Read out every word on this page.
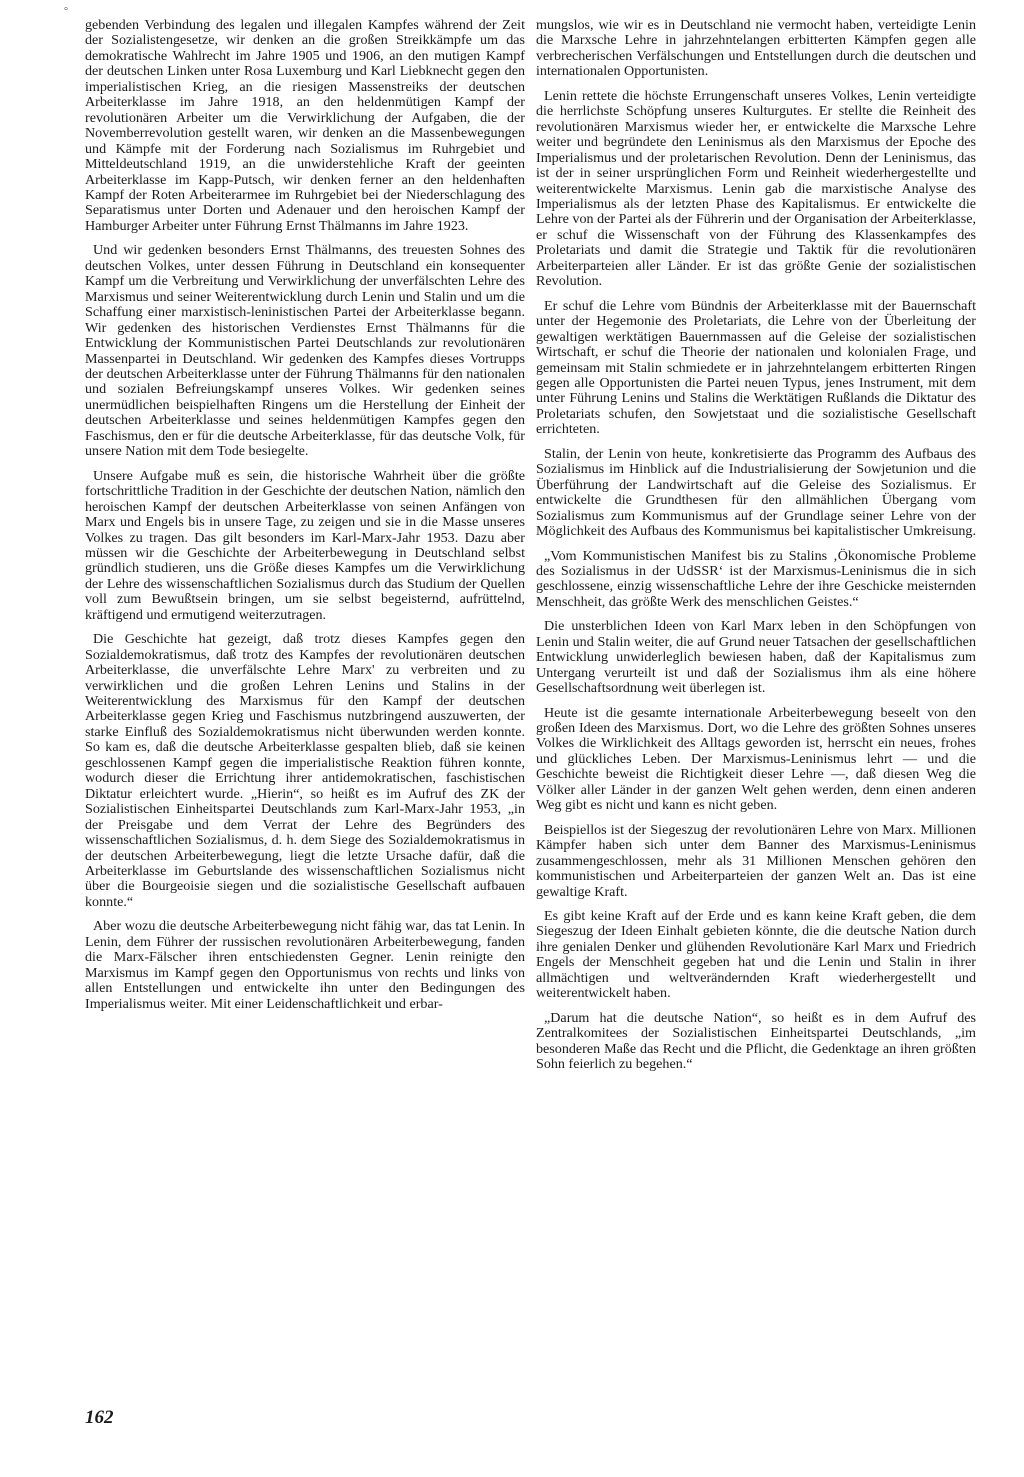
°

gebenden Verbindung des legalen und illegalen Kampfes während der Zeit der Sozialistengesetze, wir denken an die großen Streikkämpfe um das demokratische Wahlrecht im Jahre 1905 und 1906, an den mutigen Kampf der deutschen Linken unter Rosa Luxemburg und Karl Liebknecht gegen den imperialistischen Krieg, an die riesigen Massenstreiks der deutschen Arbeiterklasse im Jahre 1918, an den heldenmütigen Kampf der revolutionären Arbeiter um die Verwirklichung der Aufgaben, die der Novemberrevolution gestellt waren, wir denken an die Massenbewegungen und Kämpfe mit der Forderung nach Sozialismus im Ruhrgebiet und Mitteldeutschland 1919, an die unwiderstehliche Kraft der geeinten Arbeiterklasse im Kapp-Putsch, wir denken ferner an den heldenhaften Kampf der Roten Arbeiterarmee im Ruhrgebiet bei der Niederschlagung des Separatismus unter Dorten und Adenauer und den heroischen Kampf der Hamburger Arbeiter unter Führung Ernst Thälmanns im Jahre 1923.

Und wir gedenken besonders Ernst Thälmanns, des treuesten Sohnes des deutschen Volkes, unter dessen Führung in Deutschland ein konsequenter Kampf um die Verbreitung und Verwirklichung der unverfälschten Lehre des Marxismus und seiner Weiterentwicklung durch Lenin und Stalin und um die Schaffung einer marxistisch-leninistischen Partei der Arbeiterklasse begann. Wir gedenken des historischen Verdienstes Ernst Thälmanns für die Entwicklung der Kommunistischen Partei Deutschlands zur revolutionären Massenpartei in Deutschland. Wir gedenken des Kampfes dieses Vortrupps der deutschen Arbeiterklasse unter der Führung Thälmanns für den nationalen und sozialen Befreiungskampf unseres Volkes. Wir gedenken seines unermüdlichen beispielhaften Ringens um die Herstellung der Einheit der deutschen Arbeiterklasse und seines heldenmütigen Kampfes gegen den Faschismus, den er für die deutsche Arbeiterklasse, für das deutsche Volk, für unsere Nation mit dem Tode besiegelte.

Unsere Aufgabe muß es sein, die historische Wahrheit über die größte fortschrittliche Tradition in der Geschichte der deutschen Nation, nämlich den heroischen Kampf der deutschen Arbeiterklasse von seinen Anfängen von Marx und Engels bis in unsere Tage, zu zeigen und sie in die Masse unseres Volkes zu tragen. Das gilt besonders im Karl-Marx-Jahr 1953. Dazu aber müssen wir die Geschichte der Arbeiterbewegung in Deutschland selbst gründlich studieren, uns die Größe dieses Kampfes um die Verwirklichung der Lehre des wissenschaftlichen Sozialismus durch das Studium der Quellen voll zum Bewußtsein bringen, um sie selbst begeisternd, aufrüttelnd, kräftigend und ermutigend weiterzutragen.

Die Geschichte hat gezeigt, daß trotz dieses Kampfes gegen den Sozialdemokratismus, daß trotz des Kampfes der revolutionären deutschen Arbeiterklasse, die unverfälschte Lehre Marx' zu verbreiten und zu verwirklichen und die großen Lehren Lenins und Stalins in der Weiterentwicklung des Marxismus für den Kampf der deutschen Arbeiterklasse gegen Krieg und Faschismus nutzbringend auszuwerten, der starke Einfluß des Sozialdemokratismus nicht überwunden werden konnte. So kam es, daß die deutsche Arbeiterklasse gespalten blieb, daß sie keinen geschlossenen Kampf gegen die imperialistische Reaktion führen konnte, wodurch dieser die Errichtung ihrer antidemokratischen, faschistischen Diktatur erleichtert wurde. „Hierin“, so heißt es im Aufruf des ZK der Sozialistischen Einheitspartei Deutschlands zum Karl-Marx-Jahr 1953, „in der Preisgabe und dem Verrat der Lehre des Begründers des wissenschaftlichen Sozialismus, d. h. dem Siege des Sozialdemokratismus in der deutschen Arbeiterbewegung, liegt die letzte Ursache dafür, daß die Arbeiterklasse im Geburtslande des wissenschaftlichen Sozialismus nicht über die Bourgeoisie siegen und die sozialistische Gesellschaft aufbauen konnte.“

Aber wozu die deutsche Arbeiterbewegung nicht fähig war, das tat Lenin. In Lenin, dem Führer der russischen revolutionären Arbeiterbewegung, fanden die Marx-Fälscher ihren entschiedensten Gegner. Lenin reinigte den Marxismus im Kampf gegen den Opportunismus von rechts und links von allen Entstellungen und entwickelte ihn unter den Bedingungen des Imperialismus weiter. Mit einer Leidenschaftlichkeit und erbar-

mungslos, wie wir es in Deutschland nie vermocht haben, verteidigte Lenin die Marxsche Lehre in jahrzehntelangen erbitterten Kämpfen gegen alle verbrecherischen Verfälschungen und Entstellungen durch die deutschen und internationalen Opportunisten.

Lenin rettete die höchste Errungenschaft unseres Volkes, Lenin verteidigte die herrlichste Schöpfung unseres Kulturgutes. Er stellte die Reinheit des revolutionären Marxismus wieder her, er entwickelte die Marxsche Lehre weiter und begründete den Leninismus als den Marxismus der Epoche des Imperialismus und der proletarischen Revolution. Denn der Leninismus, das ist der in seiner ursprünglichen Form und Reinheit wiederhergestellte und weiterentwickelte Marxismus. Lenin gab die marxistische Analyse des Imperialismus als der letzten Phase des Kapitalismus. Er entwickelte die Lehre von der Partei als der Führerin und der Organisation der Arbeiterklasse, er schuf die Wissenschaft von der Führung des Klassenkampfes des Proletariats und damit die Strategie und Taktik für die revolutionären Arbeiterparteien aller Länder. Er ist das größte Genie der sozialistischen Revolution.

Er schuf die Lehre vom Bündnis der Arbeiterklasse mit der Bauernschaft unter der Hegemonie des Proletariats, die Lehre von der Überleitung der gewaltigen werktätigen Bauernmassen auf die Geleise der sozialistischen Wirtschaft, er schuf die Theorie der nationalen und kolonialen Frage, und gemeinsam mit Stalin schmiedete er in jahrzehntelangem erbitterten Ringen gegen alle Opportunisten die Partei neuen Typus, jenes Instrument, mit dem unter Führung Lenins und Stalins die Werktätigen Rußlands die Diktatur des Proletariats schufen, den Sowjetstaat und die sozialistische Gesellschaft errichteten.

Stalin, der Lenin von heute, konkretisierte das Programm des Aufbaus des Sozialismus im Hinblick auf die Industrialisierung der Sowjetunion und die Überführung der Landwirtschaft auf die Geleise des Sozialismus. Er entwickelte die Grundthesen für den allmählichen Übergang vom Sozialismus zum Kommunismus auf der Grundlage seiner Lehre von der Möglichkeit des Aufbaus des Kommunismus bei kapitalistischer Umkreisung.

„Vom Kommunistischen Manifest bis zu Stalins ‚Ökonomische Probleme des Sozialismus in der UdSSR‘ ist der Marxismus-Leninismus die in sich geschlossene, einzig wissenschaftliche Lehre der ihre Geschicke meisternden Menschheit, das größte Werk des menschlichen Geistes.“

Die unsterblichen Ideen von Karl Marx leben in den Schöpfungen von Lenin und Stalin weiter, die auf Grund neuer Tatsachen der gesellschaftlichen Entwicklung unwiderleglich bewiesen haben, daß der Kapitalismus zum Untergang verurteilt ist und daß der Sozialismus ihm als eine höhere Gesellschaftsordnung weit überlegen ist.

Heute ist die gesamte internationale Arbeiterbewegung beseelt von den großen Ideen des Marxismus. Dort, wo die Lehre des größten Sohnes unseres Volkes die Wirklichkeit des Alltags geworden ist, herrscht ein neues, frohes und glückliches Leben. Der Marxismus-Leninismus lehrt — und die Geschichte beweist die Richtigkeit dieser Lehre —, daß diesen Weg die Völker aller Länder in der ganzen Welt gehen werden, denn einen anderen Weg gibt es nicht und kann es nicht geben.

Beispiellos ist der Siegeszug der revolutionären Lehre von Marx. Millionen Kämpfer haben sich unter dem Banner des Marxismus-Leninismus zusammengeschlossen, mehr als 31 Millionen Menschen gehören den kommunistischen und Arbeiterparteien der ganzen Welt an. Das ist eine gewaltige Kraft.

Es gibt keine Kraft auf der Erde und es kann keine Kraft geben, die dem Siegeszug der Ideen Einhalt gebieten könnte, die die deutsche Nation durch ihre genialen Denker und glühenden Revolutionäre Karl Marx und Friedrich Engels der Menschheit gegeben hat und die Lenin und Stalin in ihrer allmächtigen und weltverändernden Kraft wiederhergestellt und weiterentwickelt haben.

„Darum hat die deutsche Nation“, so heißt es in dem Aufruf des Zentralkomitees der Sozialistischen Einheitspartei Deutschlands, „im besonderen Maße das Recht und die Pflicht, die Gedenktage an ihren größten Sohn feierlich zu begehen.“

162
